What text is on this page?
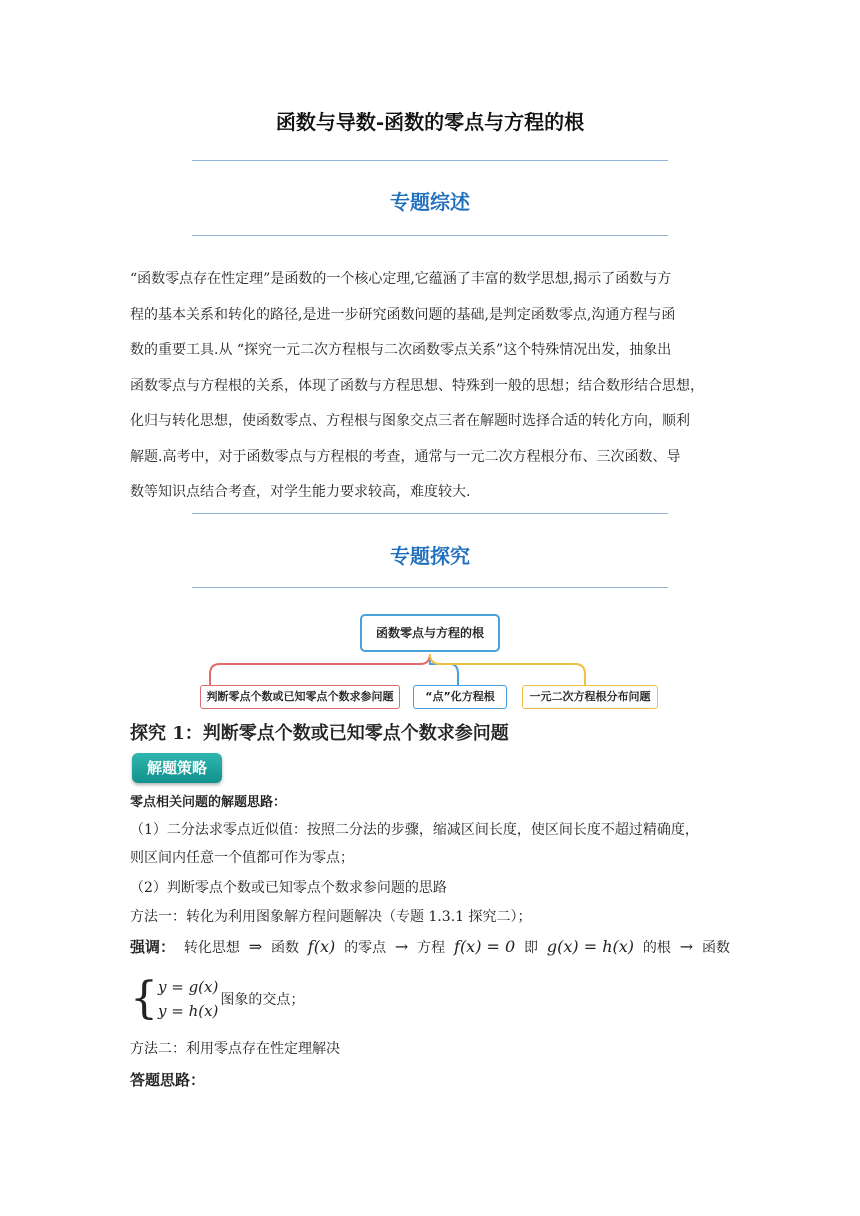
函数与导数-函数的零点与方程的根
专题综述
“函数零点存在性定理”是函数的一个核心定理,它蕴涵了丰富的数学思想,揭示了函数与方
程的基本关系和转化的路径,是进一步研究函数问题的基础,是判定函数零点,沟通方程与函
数的重要工具.从 “探究一元二次方程根与二次函数零点关系”这个特殊情况出发，抽象出
函数零点与方程根的关系，体现了函数与方程思想、特殊到一般的思想；结合数形结合思想，
化归与转化思想，使函数零点、方程根与图象交点三者在解题时选择合适的转化方向，顺利
解题.高考中，对于函数零点与方程根的考查，通常与一元二次方程根分布、三次函数、导
数等知识点结合考查，对学生能力要求较高，难度较大.
专题探究
函数零点与方程的根
判断零点个数或已知零点个数求参问题	“点”化方程根	一元二次方程根分布问题
探究 1：判断零点个数或已知零点个数求参问题
解题策略
零点相关问题的解题思路：
（1）二分法求零点近似值：按照二分法的步骤，缩减区间长度，使区间长度不超过精确度，
则区间内任意一个值都可作为零点；
（2）判断零点个数或已知零点个数求参问题的思路
方法一：转化为利用图象解方程问题解决（专题 1.3.1 探究二）；
强调： 转化思想 ⇒ 函数 f(x) 的零点 → 方程 f(x) = 0 即 g(x) = h(x) 的根 → 函数
{ y = g(x)
y = h(x)
图象的交点；
方法二：利用零点存在性定理解决
答题思路：
